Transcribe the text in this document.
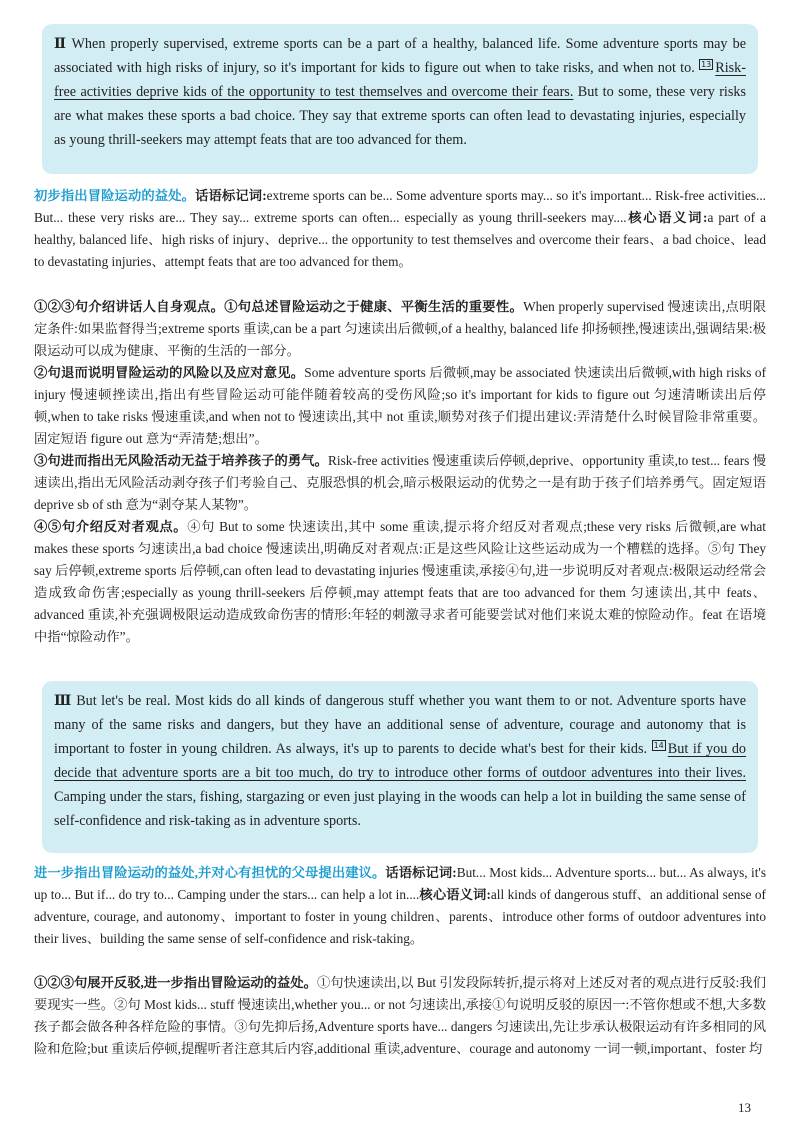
Ⅱ When properly supervised, extreme sports can be a part of a healthy, balanced life. Some adventure sports may be associated with high risks of injury, so it's important for kids to figure out when to take risks, and when not to. 13 Risk-free activities deprive kids of the opportunity to test themselves and overcome their fears. But to some, these very risks are what makes these sports a bad choice. They say that extreme sports can often lead to devastating injuries, especially as young thrill-seekers may attempt feats that are too advanced for them.

初步指出冒险运动的益处。话语标记词:extreme sports can be... Some adventure sports may... so it's important... Risk-free activities... But... these very risks are... They say... extreme sports can often... especially as young thrill-seekers may....核心语义词:a part of a healthy, balanced life、high risks of injury、deprive... the opportunity to test themselves and overcome their fears、a bad choice、lead to devastating injuries、attempt feats that are too advanced for them。

①②③句介绍讲话人自身观点。①句总述冒险运动之于健康、平衡生活的重要性。When properly supervised 慢速读出,点明限定条件:如果监督得当;extreme sports 重读,can be a part 匀速读出后微顿,of a healthy, balanced life 抑扬顿挫,慢速读出,强调结果:极限运动可以成为健康、平衡的生活的一部分。

②句退而说明冒险运动的风险以及应对意见。Some adventure sports 后微顿,may be associated 快速读出后微顿,with high risks of injury 慢速顿挫读出,指出有些冒险运动可能伴随着较高的受伤风险;so it's important for kids to figure out 匀速清晰读出后停顿,when to take risks 慢速重读,and when not to 慢速读出,其中 not 重读,顺势对孩子们提出建议:弄清楚什么时候冒险非常重要。固定短语 figure out 意为“弄清楚;想出”。

③句进而指出无风险活动无益于培养孩子的勇气。Risk-free activities 慢速重读后停顿,deprive、opportunity 重读,to test... fears 慢速读出,指出无风险活动剥夺孩子们考验自己、克服恐惧的机会,暗示极限运动的优势之一是有助于孩子们培养勇气。固定短语 deprive sb of sth 意为“剥夺某人某物”。

④⑤句介绍反对者观点。④句 But to some 快速读出,其中 some 重读,提示将介绍反对者观点;these very risks 后微顿,are what makes these sports 匀速读出,a bad choice 慢速读出,明确反对者观点:正是这些风险让这些运动成为一个糟糕的选择。⑤句 They say 后停顿,extreme sports 后停顿,can often lead to devastating injuries 慢速重读,承接④句,进一步说明反对者观点:极限运动经常会造成致命伤害;especially as young thrill-seekers 后停顿,may attempt feats that are too advanced for them 匀速读出,其中 feats、advanced 重读,补充强调极限运动造成致命伤害的情形:年轻的刺激寻求者可能要尝试对他们来说太难的惊险动作。feat 在语境中指“惊险动作”。

Ⅲ But let's be real. Most kids do all kinds of dangerous stuff whether you want them to or not. Adventure sports have many of the same risks and dangers, but they have an additional sense of adventure, courage and autonomy that is important to foster in young children. As always, it's up to parents to decide what's best for their kids. 14 But if you do decide that adventure sports are a bit too much, do try to introduce other forms of outdoor adventures into their lives. Camping under the stars, fishing, stargazing or even just playing in the woods can help a lot in building the same sense of self-confidence and risk-taking as in adventure sports.

进一步指出冒险运动的益处,并对心有担忧的父母提出建议。话语标记词:But... Most kids... Adventure sports... but... As always, it's up to... But if... do try to... Camping under the stars... can help a lot in....核心语义词:all kinds of dangerous stuff、an additional sense of adventure, courage, and autonomy、important to foster in young children、parents、introduce other forms of outdoor adventures into their lives、building the same sense of self-confidence and risk-taking。

①②③句展开反驳,进一步指出冒险运动的益处。①句快速读出,以 But 引发段际转折,提示将对上述反对者的观点进行反驳:我们要现实一些。②句 Most kids... stuff 慢速读出,whether you... or not 匀速读出,承接①句说明反驳的原因一:不管你想或不想,大多数孩子都会做各种各样危险的事情。③句先抑后扬,Adventure sports have... dangers 匀速读出,先让步承认极限运动有许多相同的风险和危险;but 重读后停顿,提醒听者注意其后内容,additional 重读,adventure、courage and autonomy 一词一顿,important、foster 均

13
